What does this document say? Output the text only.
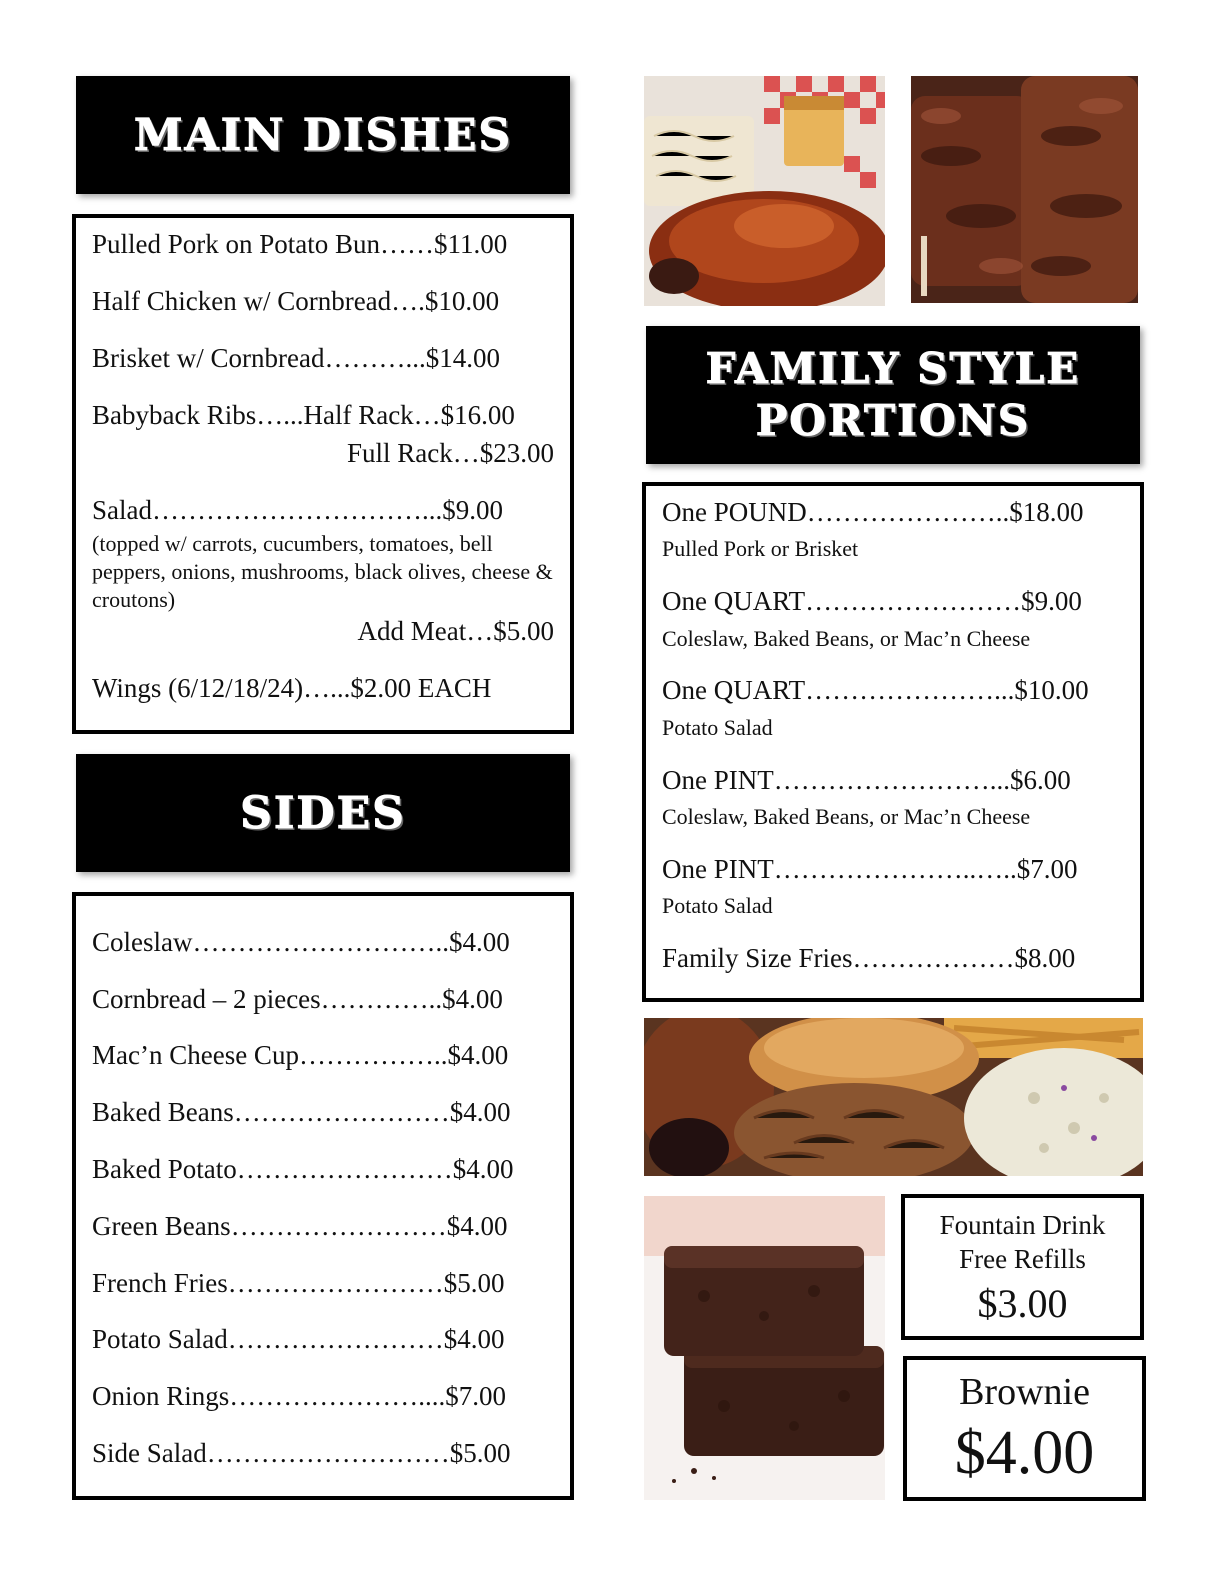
MAIN DISHES
Pulled Pork on Potato Bun……$11.00
Half Chicken w/ Cornbread….$10.00
Brisket w/ Cornbread………...$14.00
Babyback Ribs…...Half Rack…$16.00
Full Rack…$23.00
Salad…………………………...$9.00
(topped w/ carrots, cucumbers, tomatoes, bell peppers, onions, mushrooms, black olives, cheese & croutons)
Add Meat…$5.00
Wings (6/12/18/24)…...$2.00 EACH
SIDES
Coleslaw………………………..$4.00
Cornbread – 2 pieces…………..$4.00
Mac’n Cheese Cup……………..$4.00
Baked Beans……………………$4.00
Baked Potato……………………$4.00
Green Beans……………………$4.00
French Fries……………………$5.00
Potato Salad……………………$4.00
Onion Rings…………………....$7.00
Side Salad………………………$5.00
FAMILY STYLE
PORTIONS
One POUND…………………..$18.00
Pulled Pork or Brisket
One QUART……………………$9.00
Coleslaw, Baked Beans, or Mac’n Cheese
One QUART…………………...$10.00
Potato Salad
One PINT……………………...$6.00
Coleslaw, Baked Beans, or Mac’n Cheese
One PINT…………………..…..$7.00
Potato Salad
Family Size Fries………………$8.00
Fountain Drink
Free Refills
$3.00
Brownie
$4.00
